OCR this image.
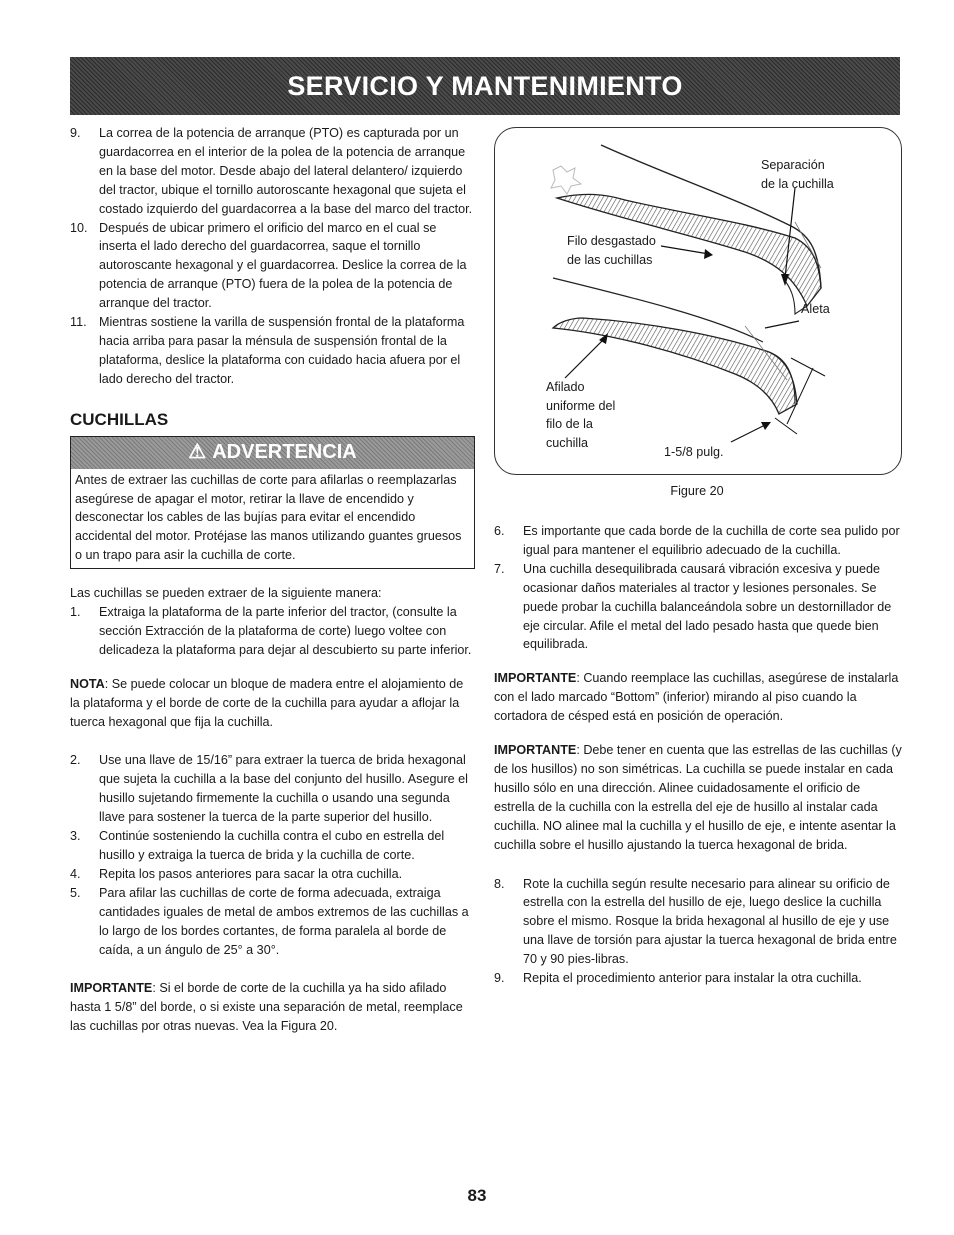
SERVICIO Y MANTENIMIENTO
9.	La correa de la potencia de arranque (PTO) es capturada por un guardacorrea en el interior de la polea de la potencia de arranque en la base del motor. Desde abajo del lateral delantero/ izquierdo del tractor, ubique el tornillo autoroscante hexagonal que sujeta el costado izquierdo del guardacorrea a la base del marco del tractor.
10. Después de ubicar primero el orificio del marco en el cual se inserta el lado derecho del guardacorrea, saque el tornillo autoroscante hexagonal y el guardacorrea. Deslice la correa de la potencia de arranque (PTO) fuera de la polea de la potencia de arranque del tractor.
11. Mientras sostiene la varilla de suspensión frontal de la plataforma hacia arriba para pasar la ménsula de suspensión frontal de la plataforma, deslice la plataforma con cuidado hacia afuera por el lado derecho del tractor.
CUCHILLAS
⚠ ADVERTENCIA
Antes de extraer las cuchillas de corte para afilarlas o reemplazarlas asegúrese de apagar el motor, retirar la llave de encendido y desconectar los cables de las bujías para evitar el encendido accidental del motor. Protéjase las manos utilizando guantes gruesos o un trapo para asir la cuchilla de corte.

Las cuchillas se pueden extraer de la siguiente manera:

1.	Extraiga la plataforma de la parte inferior del tractor, (consulte la sección Extracción de la plataforma de corte) luego voltee con delicadeza la plataforma para dejar al descubierto su parte inferior.

NOTA: Se puede colocar un bloque de madera entre el alojamiento de la plataforma y el borde de corte de la cuchilla para ayudar a aflojar la tuerca hexagonal que fija la cuchilla.

2.	Use una llave de 15/16” para extraer la tuerca de brida hexagonal que sujeta la cuchilla a la base del conjunto del husillo. Asegure el husillo sujetando firmemente la cuchilla o usando una segunda llave para sostener la tuerca de la parte superior del husillo.
3.	Continúe sosteniendo la cuchilla contra el cubo en estrella del husillo y extraiga la tuerca de brida y la cuchilla de corte.
4.	Repita los pasos anteriores para sacar la otra cuchilla.
5.	Para afilar las cuchillas de corte de forma adecuada, extraiga cantidades iguales de metal de ambos extremos de las cuchillas a lo largo de los bordes cortantes, de forma paralela al borde de caída, a un ángulo de 25° a 30°.

IMPORTANTE: Si el borde de corte de la cuchilla ya ha sido afilado hasta 1 5/8” del borde, o si existe una separación de metal, reemplace las cuchillas por otras nuevas. Vea la Figura 20.

Separación
de la cuchilla
Filo desgastado
de las cuchillas
Aleta
Afilado
uniforme del
filo de la
cuchilla
1-5/8 pulg.
Figure 20
6.	Es importante que cada borde de la cuchilla de corte sea pulido por igual para mantener el equilibrio adecuado de la cuchilla.
7.	Una cuchilla desequilibrada causará vibración excesiva y puede ocasionar daños materiales al tractor y lesiones personales. Se puede probar la cuchilla balanceándola sobre un destornillador de eje circular. Afile el metal del lado pesado hasta que quede bien equilibrada.

IMPORTANTE: Cuando reemplace las cuchillas, asegúrese de instalarla con el lado marcado “Bottom” (inferior) mirando al piso cuando la cortadora de césped está en posición de operación.

IMPORTANTE: Debe tener en cuenta que las estrellas de las cuchillas (y de los husillos) no son simétricas. La cuchilla se puede instalar en cada husillo sólo en una dirección. Alinee cuidadosamente el orificio de estrella de la cuchilla con la estrella del eje de husillo al instalar cada cuchilla. NO alinee mal la cuchilla y el husillo de eje, e intente asentar la cuchilla sobre el husillo ajustando la tuerca hexagonal de brida.

8.	Rote la cuchilla según resulte necesario para alinear su orificio de estrella con la estrella del husillo de eje, luego deslice la cuchilla sobre el mismo. Rosque la brida hexagonal al husillo de eje y use una llave de torsión para ajustar la tuerca hexagonal de brida entre 70 y 90 pies-libras.
9.	Repita el procedimiento anterior para instalar la otra cuchilla.
83
